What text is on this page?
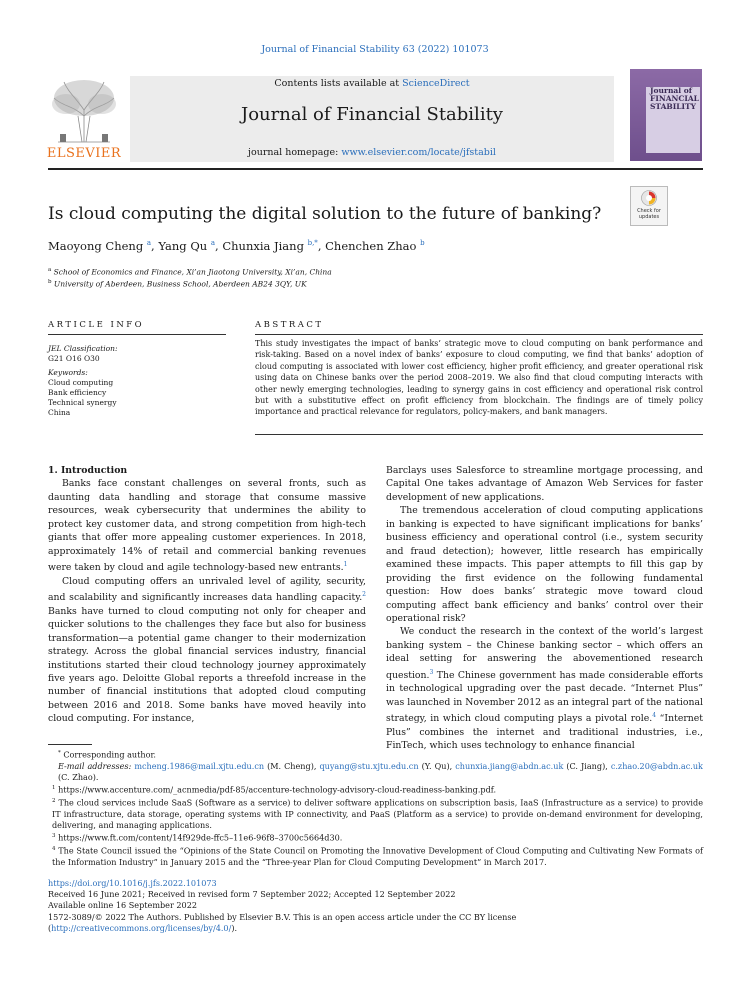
Journal of Financial Stability 63 (2022) 101073
ELSEVIER
Contents lists available at ScienceDirect
Journal of Financial Stability
journal homepage: www.elsevier.com/locate/jfstabil
Journal of FINANCIAL STABILITY
Check for updates
Is cloud computing the digital solution to the future of banking?
Maoyong Cheng $^a$, Yang Qu $^a$, Chunxia Jiang $^{b,*}$, Chenchen Zhao $^b$
$^a$ School of Economics and Finance, Xi’an Jiaotong University, Xi’an, China
$^b$ University of Aberdeen, Business School, Aberdeen AB24 3QY, UK
ARTICLE INFO
JEL Classification:
G21 O16 O30
Keywords:
Cloud computing
Bank efficiency
Technical synergy
China
ABSTRACT
This study investigates the impact of banks’ strategic move to cloud computing on bank performance and risk-taking. Based on a novel index of banks’ exposure to cloud computing, we find that banks’ adoption of cloud computing is associated with lower cost efficiency, higher profit efficiency, and greater operational risk using data on Chinese banks over the period 2008–2019. We also find that cloud computing interacts with other newly emerging technologies, leading to synergy gains in cost efficiency and operational risk control but with a substitutive effect on profit efficiency from blockchain. The findings are of timely policy importance and practical relevance for regulators, policy-makers, and bank managers.

1. Introduction

Banks face constant challenges on several fronts, such as daunting data handling and storage that consume massive resources, weak cybersecurity that undermines the ability to protect key customer data, and strong competition from high-tech giants that offer more appealing customer experiences. In 2018, approximately 14% of retail and commercial banking revenues were taken by cloud and agile technology-based new entrants.$^1$

Cloud computing offers an unrivaled level of agility, security, and scalability and significantly increases data handling capacity.$^2$ Banks have turned to cloud computing not only for cheaper and quicker solutions to the challenges they face but also for business transformation—a potential game changer to their modernization strategy. Across the global financial services industry, financial institutions started their cloud technology journey approximately five years ago. Deloitte Global reports a threefold increase in the number of financial institutions that adopted cloud computing between 2016 and 2018. Some banks have moved heavily into cloud computing. For instance,

Barclays uses Salesforce to streamline mortgage processing, and Capital One takes advantage of Amazon Web Services for faster development of new applications.

The tremendous acceleration of cloud computing applications in banking is expected to have significant implications for banks’ business efficiency and operational control (i.e., system security and fraud detection); however, little research has empirically examined these impacts. This paper attempts to fill this gap by providing the first evidence on the following fundamental question: How does banks’ strategic move toward cloud computing affect bank efficiency and banks’ control over their operational risk?

We conduct the research in the context of the world’s largest banking system – the Chinese banking sector – which offers an ideal setting for answering the abovementioned research question.$^3$ The Chinese government has made considerable efforts in technological upgrading over the past decade. “Internet Plus” was launched in November 2012 as an integral part of the national strategy, in which cloud computing plays a pivotal role.$^4$ “Internet Plus” combines the internet and traditional industries, i.e., FinTech, which uses technology to enhance financial

* Corresponding author.

E-mail addresses: mcheng.1986@mail.xjtu.edu.cn (M. Cheng), quyang@stu.xjtu.edu.cn (Y. Qu), chunxia.jiang@abdn.ac.uk (C. Jiang), c.zhao.20@abdn.ac.uk (C. Zhao).

$^1$ https://www.accenture.com/_acnmedia/pdf-85/accenture-technology-advisory-cloud-readiness-banking.pdf.

$^2$ The cloud services include SaaS (Software as a service) to deliver software applications on subscription basis, IaaS (Infrastructure as a service) to provide IT infrastructure, data storage, operating systems with IP connectivity, and PaaS (Platform as a service) to provide on-demand environment for developing, delivering, and managing applications.

$^3$ https://www.ft.com/content/14f929de-ffc5–11e6-96f8–3700c5664d30.

$^4$ The State Council issued the “Opinions of the State Council on Promoting the Innovative Development of Cloud Computing and Cultivating New Formats of the Information Industry” in January 2015 and the “Three-year Plan for Cloud Computing Development” in March 2017.

https://doi.org/10.1016/j.jfs.2022.101073

Received 16 June 2021; Received in revised form 7 September 2022; Accepted 12 September 2022

Available online 16 September 2022

1572-3089/© 2022 The Authors. Published by Elsevier B.V. This is an open access article under the CC BY license (http://creativecommons.org/licenses/by/4.0/).
